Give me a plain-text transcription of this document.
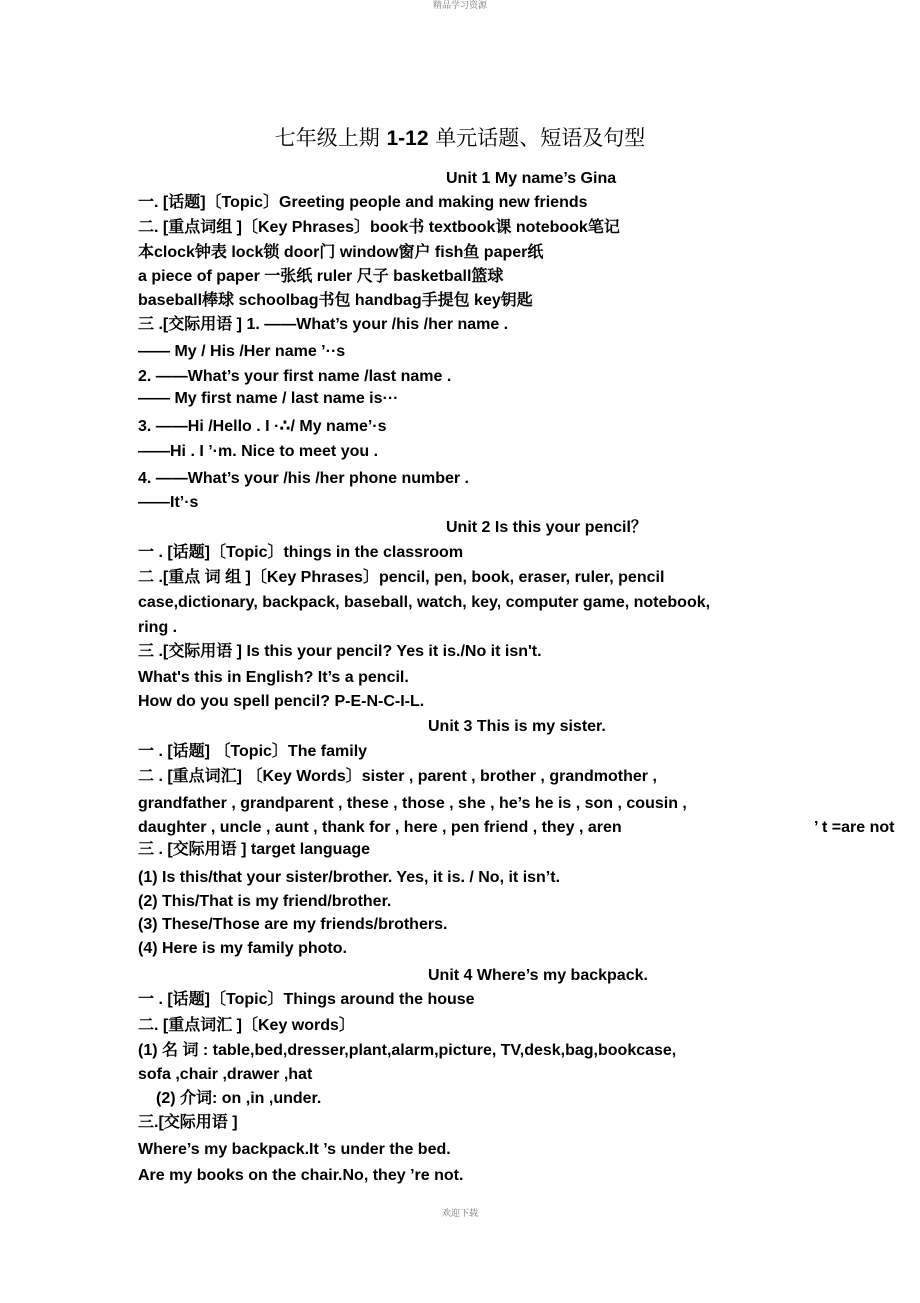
精品学习资源
七年级上期 1-12 单元话题、短语及句型
Unit 1 My name’s Gina
一. [话题]〔Topic〕Greeting people and making new friends
二. [重点词组 ]〔Key Phrases〕book书 textbook课 notebook笔记
本clock钟表 lock锁 door门 window窗户 fish鱼 paper纸
a piece of paper 一张纸 ruler 尺子 basketball篮球
baseball棒球 schoolbag书包 handbag手提包 key钥匙
三 .[交际用语 ] 1. ——What’s your /his /her name .
—— My / His /Her name ’··s
2. ——What’s your first name /last name .
—— My first name / last name is···
3. ——Hi /Hello . I ·∴/ My name’·s
——Hi . I ’·m. Nice to meet you .
4. ——What’s your /his /her phone number .
——It’·s
Unit 2 Is this your pencil？
一 . [话题]〔Topic〕things in the classroom
二 .[重点 词 组 ]〔Key Phrases〕pencil, pen, book, eraser, ruler, pencil
case,dictionary, backpack, baseball, watch, key, computer game, notebook,
ring .
三 .[交际用语 ] Is this your pencil? Yes it is./No it isn't.
What's this in English? It’s a pencil.
How do you spell pencil? P-E-N-C-I-L.
Unit 3 This is my sister.
一 . [话题] 〔Topic〕The family
二 . [重点词汇] 〔Key Words〕sister , parent , brother , grandmother ,
grandfather , grandparent , these , those , she , he’s he is , son , cousin ,
daughter , uncle , aunt , thank for , here , pen friend , they , aren	’ t =are not
三 . [交际用语 ] target language
(1) Is this/that your sister/brother. Yes, it is. / No, it isn’t.
(2) This/That is my friend/brother.
(3) These/Those are my friends/brothers.
(4) Here is my family photo.
Unit 4 Where’s my backpack.
一 . [话题]〔Topic〕Things around the house
二. [重点词汇 ]〔Key words〕
(1) 名 词 : table,bed,dresser,plant,alarm,picture, TV,desk,bag,bookcase,
sofa ,chair ,drawer ,hat
(2) 介词: on ,in ,under.
三.[交际用语 ]
Where’s my backpack.It ’s under the bed.
Are my books on the chair.No, they ’re not.
欢迎下载
